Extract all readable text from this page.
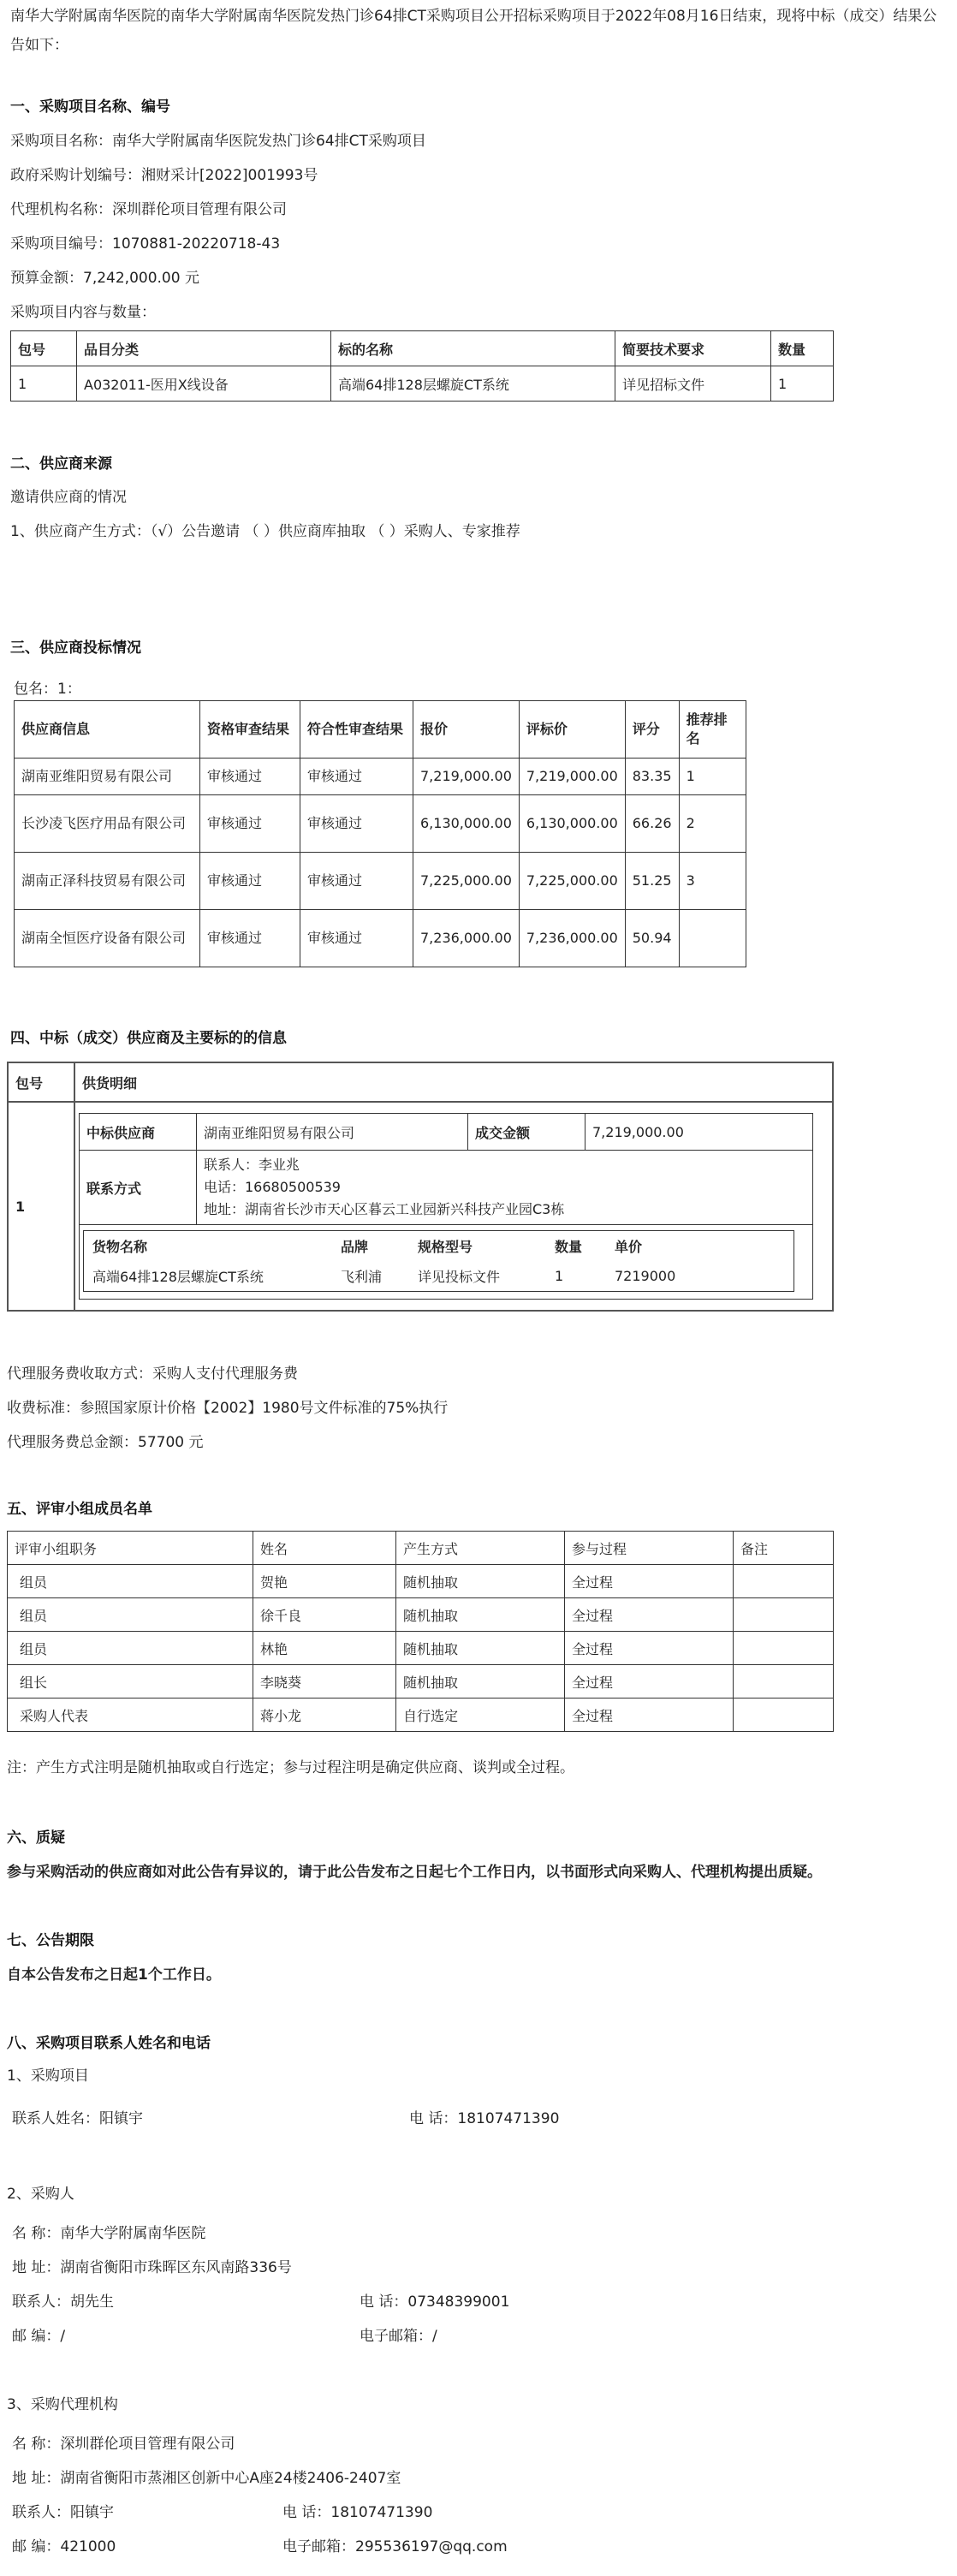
南华大学附属南华医院的南华大学附属南华医院发热门诊64排CT采购项目公开招标采购项目于2022年08月16日结束，现将中标（成交）结果公告如下：
一、采购项目名称、编号
采购项目名称：南华大学附属南华医院发热门诊64排CT采购项目
政府采购计划编号：湘财采计[2022]001993号
代理机构名称：深圳群伦项目管理有限公司
采购项目编号：1070881-20220718-43
预算金额：7,242,000.00 元
采购项目内容与数量：
包号	品目分类	标的名称	简要技术要求	数量
1	A032011-医用X线设备	高端64排128层螺旋CT系统	详见招标文件	1
二、供应商来源
邀请供应商的情况
1、供应商产生方式：（√）公告邀请 （ ）供应商库抽取 （ ）采购人、专家推荐
三、供应商投标情况
包名：1：
供应商信息	资格审查结果	符合性审查结果	报价	评标价	评分	推荐排名
湖南亚维阳贸易有限公司	审核通过	审核通过	7,219,000.00	7,219,000.00	83.35	1
长沙凌飞医疗用品有限公司	审核通过	审核通过	6,130,000.00	6,130,000.00	66.26	2
湖南正泽科技贸易有限公司	审核通过	审核通过	7,225,000.00	7,225,000.00	51.25	3
湖南全恒医疗设备有限公司	审核通过	审核通过	7,236,000.00	7,236,000.00	50.94	
四、中标（成交）供应商及主要标的的信息
包号	供货明细
1	
中标供应商	湖南亚维阳贸易有限公司	成交金额	7,219,000.00
联系方式	
联系人：李业兆
电话：16680500539
地址：湖南省长沙市天心区暮云工业园新兴科技产业园C3栋

货物名称	品牌	规格型号	数量	单价
高端64排128层螺旋CT系统	飞利浦	详见投标文件	1	7219000
代理服务费收取方式：采购人支付代理服务费
收费标准：参照国家原计价格【2002】1980号文件标准的75%执行
代理服务费总金额：57700 元
五、评审小组成员名单
评审小组职务	姓名	产生方式	参与过程	备注
组员	贺艳	随机抽取	全过程	
组员	徐千良	随机抽取	全过程	
组员	林艳	随机抽取	全过程	
组长	李晓葵	随机抽取	全过程	
采购人代表	蒋小龙	自行选定	全过程	
注：产生方式注明是随机抽取或自行选定；参与过程注明是确定供应商、谈判或全过程。
六、质疑
参与采购活动的供应商如对此公告有异议的，请于此公告发布之日起七个工作日内，以书面形式向采购人、代理机构提出质疑。
七、公告期限
自本公告发布之日起1个工作日。
八、采购项目联系人姓名和电话
1、采购项目
联系人姓名：阳镇宇	电 话：18107471390
2、采购人
名 称：南华大学附属南华医院
地 址：湖南省衡阳市珠晖区东风南路336号
联系人：胡先生	电 话：07348399001
邮 编：/	电子邮箱：/
3、采购代理机构
名 称：深圳群伦项目管理有限公司
地 址：湖南省衡阳市蒸湘区创新中心A座24楼2406-2407室
联系人：阳镇宇	电 话：18107471390
邮 编：421000	电子邮箱：295536197@qq.com
